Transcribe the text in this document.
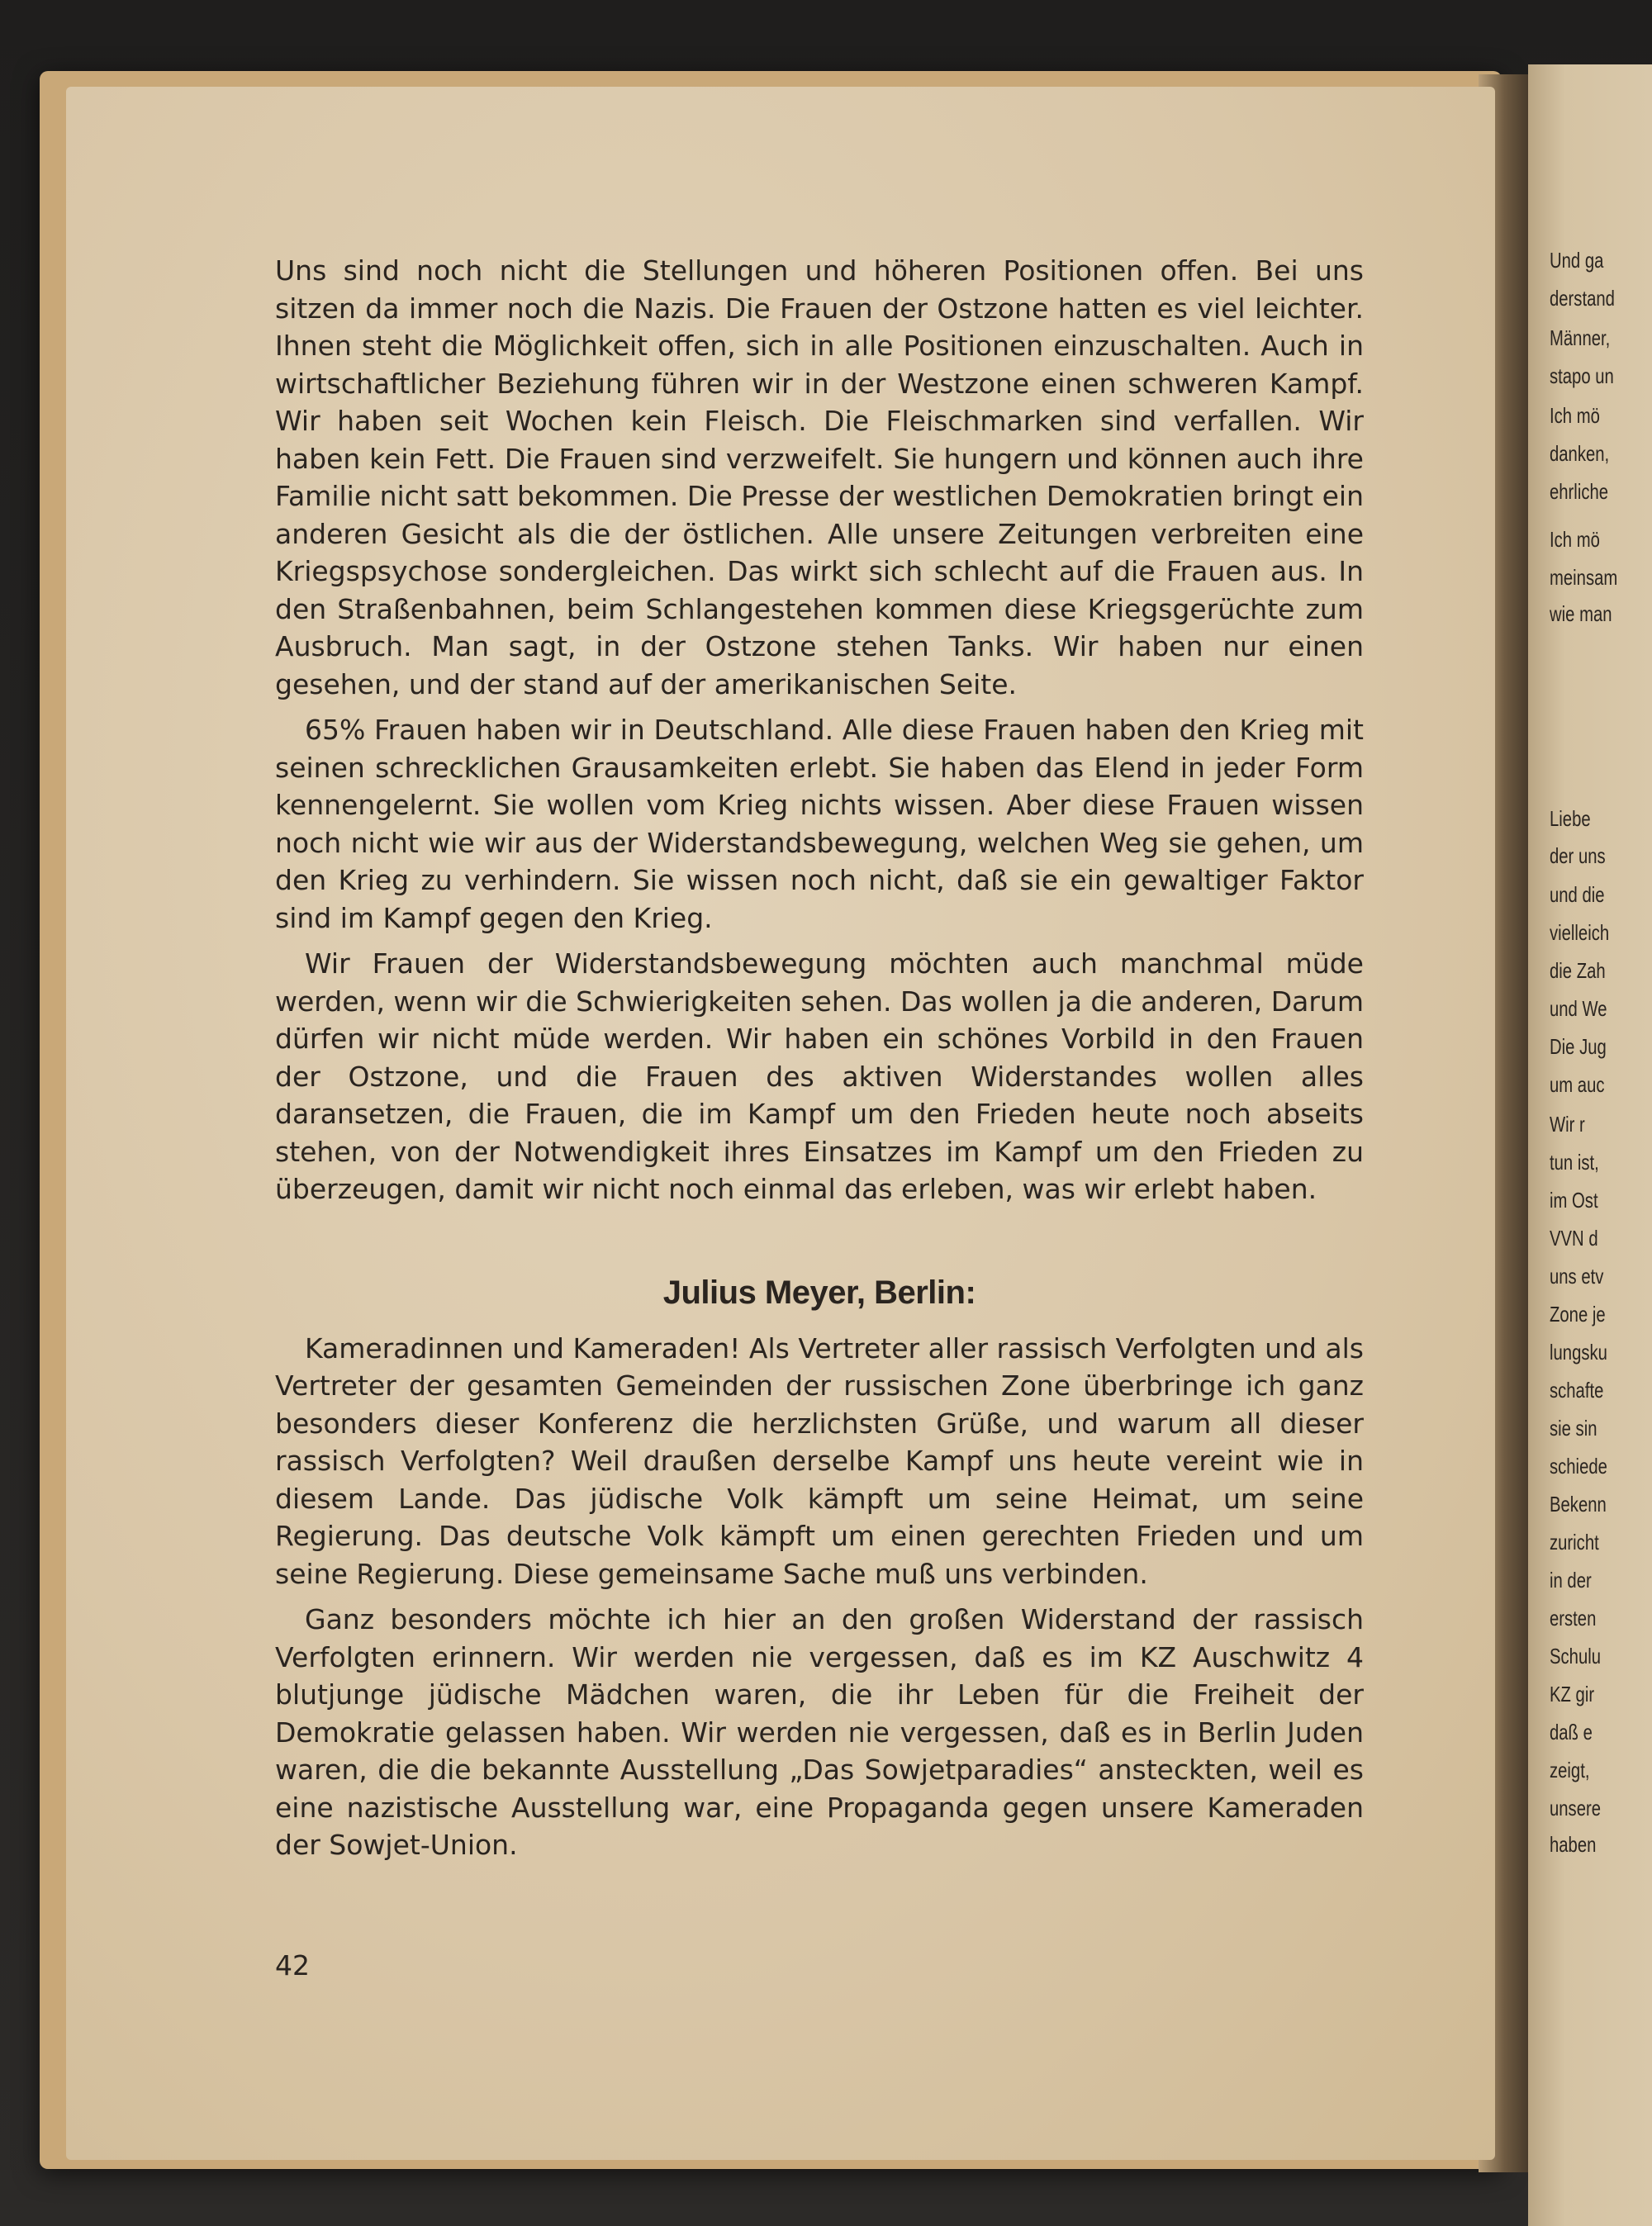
Und ga
derstand
Männer,
stapo un
Ich mö
danken,
ehrliche
Ich mö
meinsam
wie man
Liebe
der uns
und die
vielleich
die Zah
und We
Die Jug
um auc
Wir r
tun ist,
im Ost
VVN d
uns etv
Zone je
lungsku
schafte
sie sin
schiede
Bekenn
zuricht
in der
ersten
Schulu
KZ gir
daß e
zeigt,
unsere
haben

Uns sind noch nicht die Stellungen und höheren Positionen offen. Bei uns sitzen da immer noch die Nazis. Die Frauen der Ostzone hatten es viel leichter. Ihnen steht die Möglichkeit offen, sich in alle Positionen einzuschalten. Auch in wirtschaftlicher Beziehung führen wir in der Westzone einen schweren Kampf. Wir haben seit Wochen kein Fleisch. Die Fleischmarken sind verfallen. Wir haben kein Fett. Die Frauen sind verzweifelt. Sie hungern und können auch ihre Familie nicht satt bekommen. Die Presse der westlichen Demokratien bringt ein anderen Gesicht als die der östlichen. Alle unsere Zeitungen verbreiten eine Kriegspsychose sondergleichen. Das wirkt sich schlecht auf die Frauen aus. In den Straßenbahnen, beim Schlangestehen kommen diese Kriegsgerüchte zum Ausbruch. Man sagt, in der Ostzone stehen Tanks. Wir haben nur einen gesehen, und der stand auf der amerikanischen Seite.

65% Frauen haben wir in Deutschland. Alle diese Frauen haben den Krieg mit seinen schrecklichen Grausamkeiten erlebt. Sie haben das Elend in jeder Form kennengelernt. Sie wollen vom Krieg nichts wissen. Aber diese Frauen wissen noch nicht wie wir aus der Widerstandsbewegung, welchen Weg sie gehen, um den Krieg zu verhindern. Sie wissen noch nicht, daß sie ein gewaltiger Faktor sind im Kampf gegen den Krieg.

Wir Frauen der Widerstandsbewegung möchten auch manchmal müde werden, wenn wir die Schwierigkeiten sehen. Das wollen ja die anderen, Darum dürfen wir nicht müde werden. Wir haben ein schönes Vorbild in den Frauen der Ostzone, und die Frauen des aktiven Widerstandes wollen alles daransetzen, die Frauen, die im Kampf um den Frieden heute noch abseits stehen, von der Notwendigkeit ihres Einsatzes im Kampf um den Frieden zu überzeugen, damit wir nicht noch einmal das erleben, was wir erlebt haben.

Julius Meyer, Berlin:

Kameradinnen und Kameraden! Als Vertreter aller rassisch Verfolgten und als Vertreter der gesamten Gemeinden der russischen Zone überbringe ich ganz besonders dieser Konferenz die herzlichsten Grüße, und warum all dieser rassisch Verfolgten? Weil draußen derselbe Kampf uns heute vereint wie in diesem Lande. Das jüdische Volk kämpft um seine Heimat, um seine Regierung. Das deutsche Volk kämpft um einen gerechten Frieden und um seine Regierung. Diese gemeinsame Sache muß uns verbinden.

Ganz besonders möchte ich hier an den großen Widerstand der rassisch Verfolgten erinnern. Wir werden nie vergessen, daß es im KZ Auschwitz 4 blutjunge jüdische Mädchen waren, die ihr Leben für die Freiheit der Demokratie gelassen haben. Wir werden nie vergessen, daß es in Berlin Juden waren, die die bekannte Ausstellung „Das Sowjetparadies“ ansteckten, weil es eine nazistische Ausstellung war, eine Propaganda gegen unsere Kameraden der Sowjet-Union.

42
